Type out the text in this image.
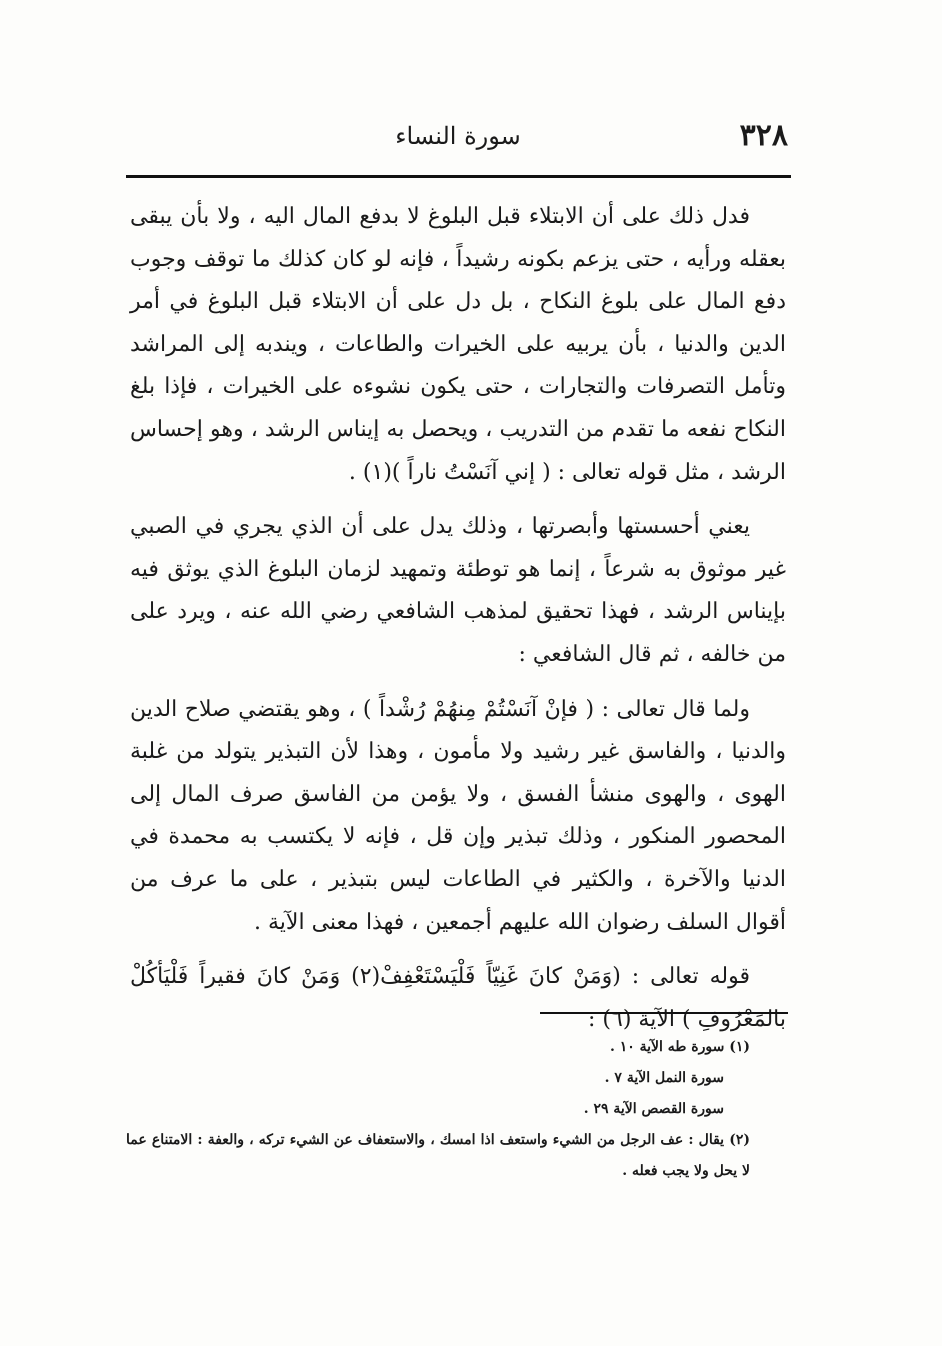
٣٢٨
سورة النساء

فدل ذلك على أن الابتلاء قبل البلوغ لا بدفع المال اليه ، ولا بأن يبقى بعقله ورأيه ، حتى يزعم بكونه رشيداً ، فإنه لو كان كذلك ما توقف وجوب دفع المال على بلوغ النكاح ، بل دل على أن الابتلاء قبل البلوغ في أمر الدين والدنيا ، بأن يربيه على الخيرات والطاعات ، ويندبه إلى المراشد وتأمل التصرفات والتجارات ، حتى يكون نشوءه على الخيرات ، فإذا بلغ النكاح نفعه ما تقدم من التدريب ، ويحصل به إيناس الرشد ، وهو إحساس الرشد ، مثل قوله تعالى : ( إني آنَسْتُ ناراً )(١) .

يعني أحسستها وأبصرتها ، وذلك يدل على أن الذي يجري في الصبي غير موثوق به شرعاً ، إنما هو توطئة وتمهيد لزمان البلوغ الذي يوثق فيه بإيناس الرشد ، فهذا تحقيق لمذهب الشافعي رضي الله عنه ، ويرد على من خالفه ، ثم قال الشافعي :

ولما قال تعالى : ( فإنْ آنَسْتُمْ مِنهُمْ رُشْداً ) ، وهو يقتضي صلاح الدين والدنيا ، والفاسق غير رشيد ولا مأمون ، وهذا لأن التبذير يتولد من غلبة الهوى ، والهوى منشأ الفسق ، ولا يؤمن من الفاسق صرف المال إلى المحصور المنكور ، وذلك تبذير وإن قل ، فإنه لا يكتسب به محمدة في الدنيا والآخرة ، والكثير في الطاعات ليس بتبذير ، على ما عرف من أقوال السلف رضوان الله عليهم أجمعين ، فهذا معنى الآية .

قوله تعالى : (وَمَنْ كانَ غَنِيّاً فَلْيَسْتَعْفِفْ(٢) وَمَنْ كانَ فقيراً فَلْيَأكُلْ بالمَعْرُوفِ ) الآية (٦) :

(١) سورة طه الآية ١٠ .
سورة النمل الآية ٧ .
سورة القصص الآية ٢٩ .
(٢) يقال : عف الرجل من الشيء واستعف اذا امسك ، والاستعفاف عن الشيء تركه ، والعفة : الامتناع عما لا يحل ولا يجب فعله .
